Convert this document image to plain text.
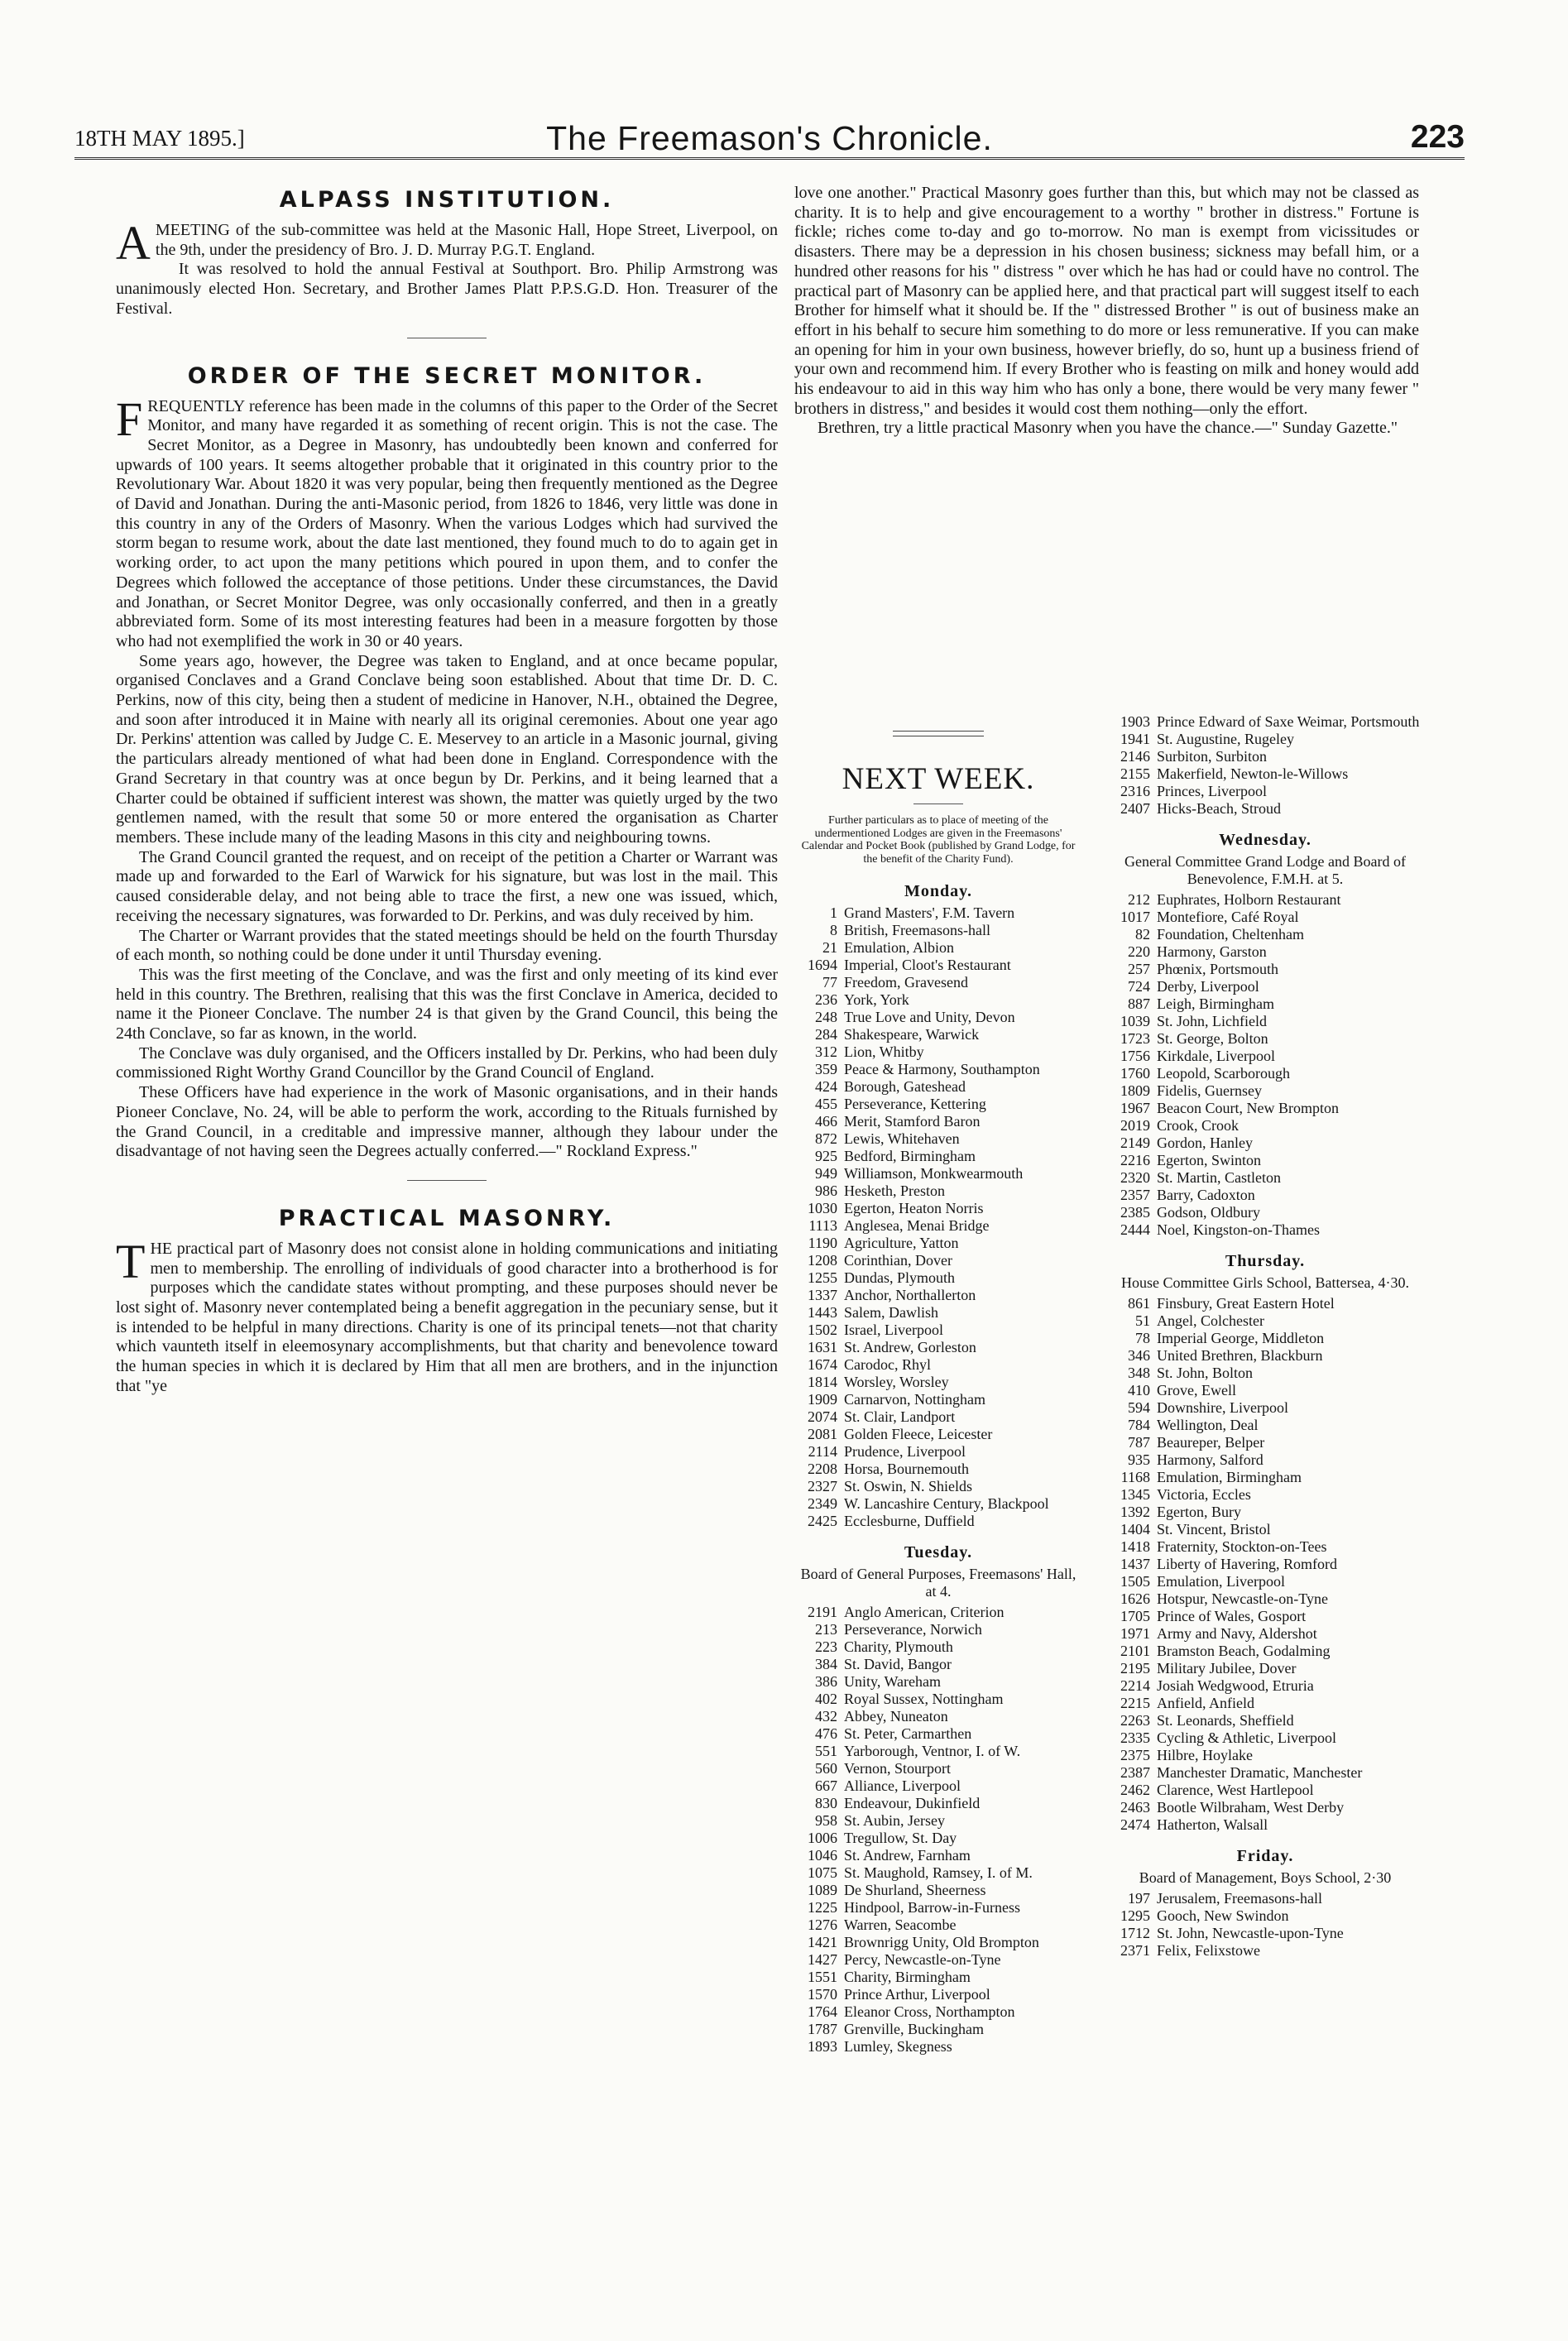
18TH MAY 1895.]	The Freemason's Chronicle.	223
ALPASS INSTITUTION.

AMEETING of the sub-committee was held at the Masonic Hall, Hope Street, Liverpool, on the 9th, under the presidency of Bro. J. D. Murray P.G.T. England.

It was resolved to hold the annual Festival at Southport. Bro. Philip Armstrong was unanimously elected Hon. Secretary, and Brother James Platt P.P.S.G.D. Hon. Treasurer of the Festival.

ORDER OF THE SECRET MONITOR.

FREQUENTLY reference has been made in the columns of this paper to the Order of the Secret Monitor, and many have regarded it as something of recent origin. This is not the case. The Secret Monitor, as a Degree in Masonry, has undoubtedly been known and conferred for upwards of 100 years. It seems altogether probable that it originated in this country prior to the Revolutionary War. About 1820 it was very popular, being then frequently mentioned as the Degree of David and Jonathan. During the anti-Masonic period, from 1826 to 1846, very little was done in this country in any of the Orders of Masonry. When the various Lodges which had survived the storm began to resume work, about the date last mentioned, they found much to do to again get in working order, to act upon the many petitions which poured in upon them, and to confer the Degrees which followed the acceptance of those petitions. Under these circumstances, the David and Jonathan, or Secret Monitor Degree, was only occasionally conferred, and then in a greatly abbreviated form. Some of its most interesting features had been in a measure forgotten by those who had not exemplified the work in 30 or 40 years.

Some years ago, however, the Degree was taken to England, and at once became popular, organised Conclaves and a Grand Conclave being soon established. About that time Dr. D. C. Perkins, now of this city, being then a student of medicine in Hanover, N.H., obtained the Degree, and soon after introduced it in Maine with nearly all its original ceremonies. About one year ago Dr. Perkins' attention was called by Judge C. E. Meservey to an article in a Masonic journal, giving the particulars already mentioned of what had been done in England. Correspondence with the Grand Secretary in that country was at once begun by Dr. Perkins, and it being learned that a Charter could be obtained if sufficient interest was shown, the matter was quietly urged by the two gentlemen named, with the result that some 50 or more entered the organisation as Charter members. These include many of the leading Masons in this city and neighbouring towns.

The Grand Council granted the request, and on receipt of the petition a Charter or Warrant was made up and forwarded to the Earl of Warwick for his signature, but was lost in the mail. This caused considerable delay, and not being able to trace the first, a new one was issued, which, receiving the necessary signatures, was forwarded to Dr. Perkins, and was duly received by him.

The Charter or Warrant provides that the stated meetings should be held on the fourth Thursday of each month, so nothing could be done under it until Thursday evening.

This was the first meeting of the Conclave, and was the first and only meeting of its kind ever held in this country. The Brethren, realising that this was the first Conclave in America, decided to name it the Pioneer Conclave. The number 24 is that given by the Grand Council, this being the 24th Conclave, so far as known, in the world.

The Conclave was duly organised, and the Officers installed by Dr. Perkins, who had been duly commissioned Right Worthy Grand Councillor by the Grand Council of England.

These Officers have had experience in the work of Masonic organisations, and in their hands Pioneer Conclave, No. 24, will be able to perform the work, according to the Rituals furnished by the Grand Council, in a creditable and impressive manner, although they labour under the disadvantage of not having seen the Degrees actually conferred.—" Rockland Express."

PRACTICAL MASONRY.

THE practical part of Masonry does not consist alone in holding communications and initiating men to membership. The enrolling of individuals of good character into a brotherhood is for purposes which the candidate states without prompting, and these purposes should never be lost sight of. Masonry never contemplated being a benefit aggregation in the pecuniary sense, but it is intended to be helpful in many directions. Charity is one of its principal tenets—not that charity which vaunteth itself in eleemosynary accomplishments, but that charity and benevolence toward the human species in which it is declared by Him that all men are brothers, and in the injunction that "ye

love one another." Practical Masonry goes further than this, but which may not be classed as charity. It is to help and give encouragement to a worthy " brother in distress." Fortune is fickle; riches come to-day and go to-morrow. No man is exempt from vicissitudes or disasters. There may be a depression in his chosen business; sickness may befall him, or a hundred other reasons for his " distress " over which he has had or could have no control. The practical part of Masonry can be applied here, and that practical part will suggest itself to each Brother for himself what it should be. If the " distressed Brother " is out of business make an effort in his behalf to secure him something to do more or less remunerative. If you can make an opening for him in your own business, however briefly, do so, hunt up a business friend of your own and recommend him. If every Brother who is feasting on milk and honey would add his endeavour to aid in this way him who has only a bone, there would be very many fewer " brothers in distress," and besides it would cost them nothing—only the effort.

Brethren, try a little practical Masonry when you have the chance.—" Sunday Gazette."

NEXT WEEK.
Further particulars as to place of meeting of the undermentioned Lodges are given in the Freemasons' Calendar and Pocket Book (published by Grand Lodge, for the benefit of the Charity Fund).
Monday.
1 Grand Masters', F.M. Tavern
8 British, Freemasons-hall
21 Emulation, Albion
1694 Imperial, Cloot's Restaurant
77 Freedom, Gravesend
236 York, York
248 True Love and Unity, Devon
284 Shakespeare, Warwick
312 Lion, Whitby
359 Peace & Harmony, Southampton
424 Borough, Gateshead
455 Perseverance, Kettering
466 Merit, Stamford Baron
872 Lewis, Whitehaven
925 Bedford, Birmingham
949 Williamson, Monkwearmouth
986 Hesketh, Preston
1030 Egerton, Heaton Norris
1113 Anglesea, Menai Bridge
1190 Agriculture, Yatton
1208 Corinthian, Dover
1255 Dundas, Plymouth
1337 Anchor, Northallerton
1443 Salem, Dawlish
1502 Israel, Liverpool
1631 St. Andrew, Gorleston
1674 Carodoc, Rhyl
1814 Worsley, Worsley
1909 Carnarvon, Nottingham
2074 St. Clair, Landport
2081 Golden Fleece, Leicester
2114 Prudence, Liverpool
2208 Horsa, Bournemouth
2327 St. Oswin, N. Shields
2349 W. Lancashire Century, Blackpool
2425 Ecclesburne, Duffield
Tuesday.
Board of General Purposes, Freemasons' Hall, at 4.
2191 Anglo American, Criterion
213 Perseverance, Norwich
223 Charity, Plymouth
384 St. David, Bangor
386 Unity, Wareham
402 Royal Sussex, Nottingham
432 Abbey, Nuneaton
476 St. Peter, Carmarthen
551 Yarborough, Ventnor, I. of W.
560 Vernon, Stourport
667 Alliance, Liverpool
830 Endeavour, Dukinfield
958 St. Aubin, Jersey
1006 Tregullow, St. Day
1046 St. Andrew, Farnham
1075 St. Maughold, Ramsey, I. of M.
1089 De Shurland, Sheerness
1225 Hindpool, Barrow-in-Furness
1276 Warren, Seacombe
1421 Brownrigg Unity, Old Brompton
1427 Percy, Newcastle-on-Tyne
1551 Charity, Birmingham
1570 Prince Arthur, Liverpool
1764 Eleanor Cross, Northampton
1787 Grenville, Buckingham
1893 Lumley, Skegness
1903 Prince Edward of Saxe Weimar, Portsmouth
1941 St. Augustine, Rugeley
2146 Surbiton, Surbiton
2155 Makerfield, Newton-le-Willows
2316 Princes, Liverpool
2407 Hicks-Beach, Stroud
Wednesday.
General Committee Grand Lodge and Board of Benevolence, F.M.H. at 5.
212 Euphrates, Holborn Restaurant
1017 Montefiore, Café Royal
82 Foundation, Cheltenham
220 Harmony, Garston
257 Phœnix, Portsmouth
724 Derby, Liverpool
887 Leigh, Birmingham
1039 St. John, Lichfield
1723 St. George, Bolton
1756 Kirkdale, Liverpool
1760 Leopold, Scarborough
1809 Fidelis, Guernsey
1967 Beacon Court, New Brompton
2019 Crook, Crook
2149 Gordon, Hanley
2216 Egerton, Swinton
2320 St. Martin, Castleton
2357 Barry, Cadoxton
2385 Godson, Oldbury
2444 Noel, Kingston-on-Thames
Thursday.
House Committee Girls School, Battersea, 4·30.
861 Finsbury, Great Eastern Hotel
51 Angel, Colchester
78 Imperial George, Middleton
346 United Brethren, Blackburn
348 St. John, Bolton
410 Grove, Ewell
594 Downshire, Liverpool
784 Wellington, Deal
787 Beaureper, Belper
935 Harmony, Salford
1168 Emulation, Birmingham
1345 Victoria, Eccles
1392 Egerton, Bury
1404 St. Vincent, Bristol
1418 Fraternity, Stockton-on-Tees
1437 Liberty of Havering, Romford
1505 Emulation, Liverpool
1626 Hotspur, Newcastle-on-Tyne
1705 Prince of Wales, Gosport
1971 Army and Navy, Aldershot
2101 Bramston Beach, Godalming
2195 Military Jubilee, Dover
2214 Josiah Wedgwood, Etruria
2215 Anfield, Anfield
2263 St. Leonards, Sheffield
2335 Cycling & Athletic, Liverpool
2375 Hilbre, Hoylake
2387 Manchester Dramatic, Manchester
2462 Clarence, West Hartlepool
2463 Bootle Wilbraham, West Derby
2474 Hatherton, Walsall
Friday.
Board of Management, Boys School, 2·30
197 Jerusalem, Freemasons-hall
1295 Gooch, New Swindon
1712 St. John, Newcastle-upon-Tyne
2371 Felix, Felixstowe
